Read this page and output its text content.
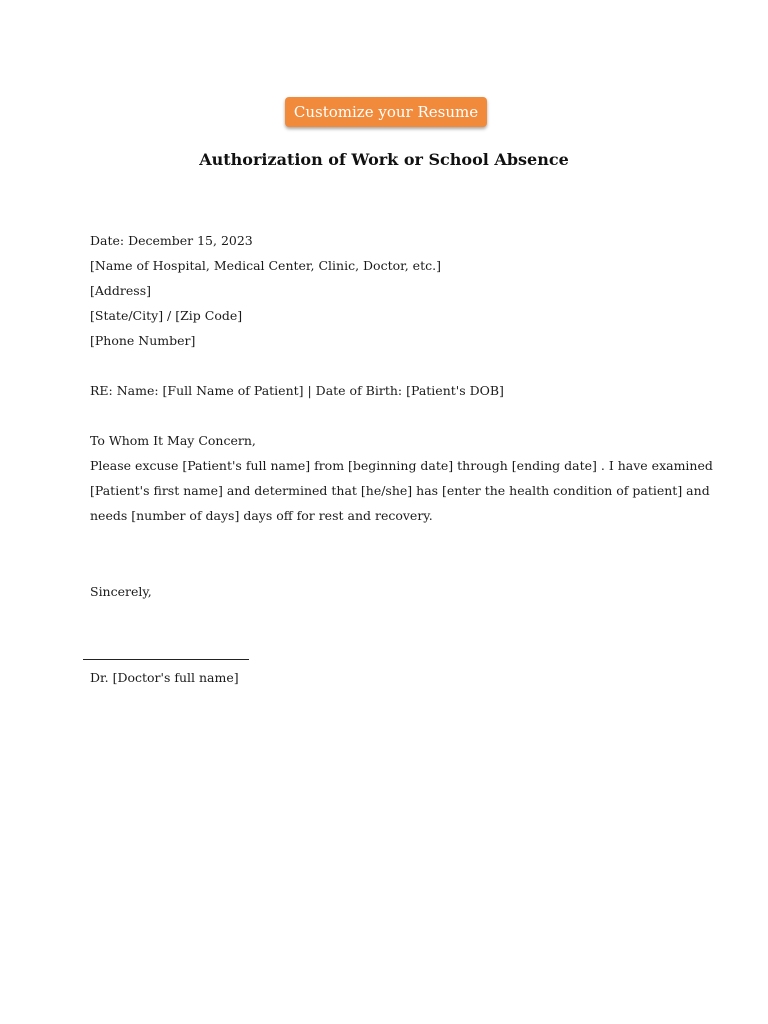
Customize your Resume
Authorization of Work or School Absence
Date: December 15, 2023
[Name of Hospital, Medical Center, Clinic, Doctor, etc.]
[Address]
[State/City] / [Zip Code]
[Phone Number]
RE: Name: [Full Name of Patient] | Date of Birth: [Patient's DOB]
To Whom It May Concern,
Please excuse [Patient's full name] from [beginning date] through [ending date] . I have examined
[Patient's first name] and determined that [he/she] has [enter the health condition of patient] and
needs [number of days] days off for rest and recovery.
Sincerely,
Dr. [Doctor's full name]
